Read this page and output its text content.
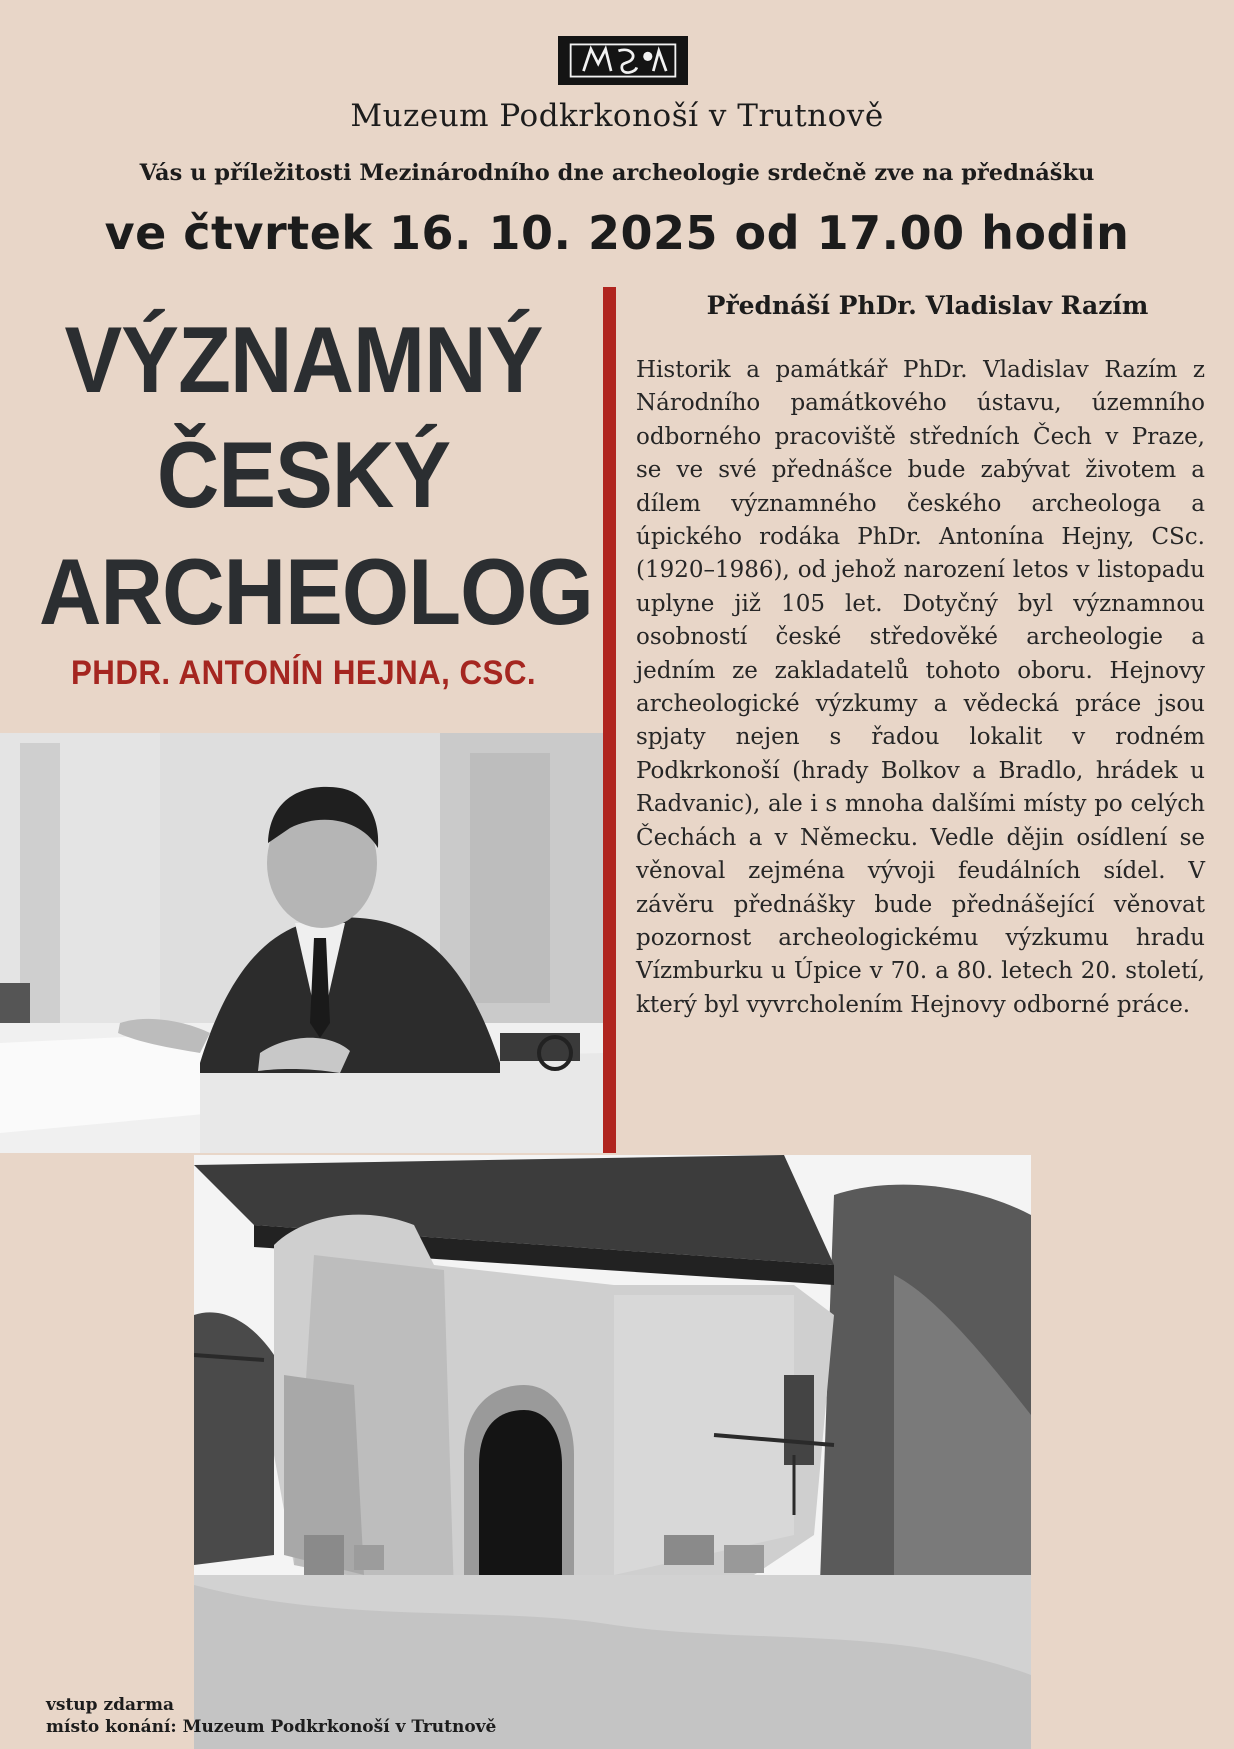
Muzeum Podkrkonoší v Trutnově
Vás u příležitosti Mezinárodního dne archeologie srdečně zve na přednášku
ve čtvrtek 16. 10. 2025 od 17.00 hodin
VÝZNAMNÝ
ČESKÝ
ARCHEOLOG
PHDR. ANTONÍN HEJNA, CSC.
Přednáší PhDr. Vladislav Razím
Historik a památkář PhDr. Vladislav Razím z Národního památkového ústavu, územního odborného pracoviště středních Čech v Praze, se ve své přednášce bude zabývat životem a dílem významného českého archeologa a úpického rodáka PhDr. Antonína Hejny, CSc. (1920–1986), od jehož narození letos v listopadu uplyne již 105 let. Dotyčný byl významnou osobností české středověké archeologie a jedním ze zakladatelů tohoto oboru. Hejnovy archeologické výzkumy a vědecká práce jsou spjaty nejen s řadou lokalit v rodném Podkrkonoší (hrady Bolkov a Bradlo, hrádek u Radvanic), ale i s mnoha dalšími místy po celých Čechách a v Německu. Vedle dějin osídlení se věnoval zejména vývoji feudálních sídel. V závěru přednášky bude přednášející věnovat pozornost archeologickému výzkumu hradu Vízmburku u Úpice v 70. a 80. letech 20. století, který byl vyvrcholením Hejnovy odborné práce.
vstup zdarma
místo konání: Muzeum Podkrkonoší v Trutnově
